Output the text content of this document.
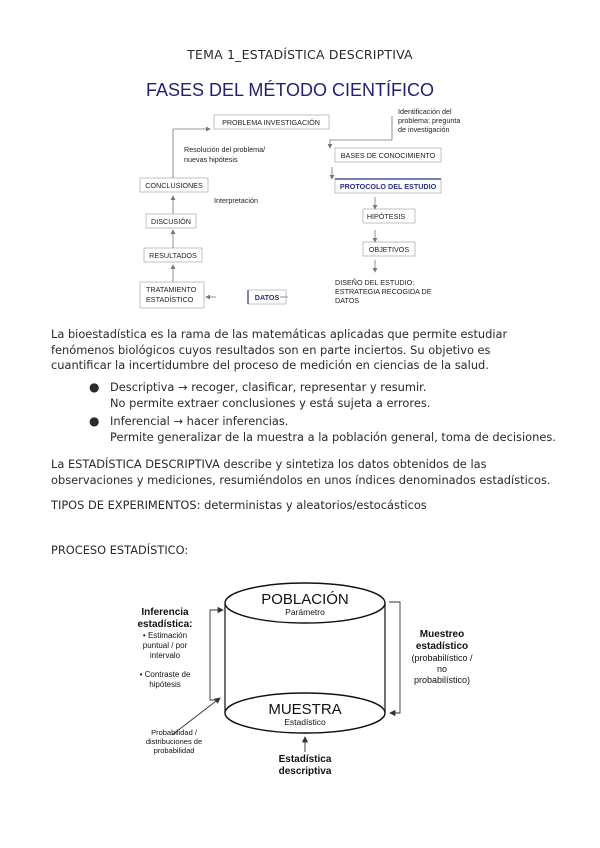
TEMA 1_ESTADÍSTICA DESCRIPTIVA
FASES DEL MÉTODO CIENTÍFICO
PROBLEMA INVESTIGACIÓN
Identificación del
problema: pregunta
de investigación
Resolución del problema/
nuevas hipótesis	BASES DE CONOCIMIENTO
PROTOCOLO DEL ESTUDIO
CONCLUSIONES
Interpretación
HIPÓTESIS
DISCUSIÓN
OBJETIVOS
RESULTADOS
DISEÑO DEL ESTUDIO:
ESTRATEGIA RECOGIDA DE
DATOS
TRATAMIENTO
ESTADÍSTICO	DATOS
La bioestadística es la rama de las matemáticas aplicadas que permite estudiar
fenómenos biológicos cuyos resultados son en parte inciertos. Su objetivo es
cuantificar la incertidumbre del proceso de medición en ciencias de la salud.
● Descriptiva → recoger, clasificar, representar y resumir.
No permite extraer conclusiones y está sujeta a errores.
● Inferencial → hacer inferencias.
Permite generalizar de la muestra a la población general, toma de decisiones.
La ESTADÍSTICA DESCRIPTIVA describe y sintetiza los datos obtenidos de las
observaciones y mediciones, resumiéndolos en unos índices denominados estadísticos.
TIPOS DE EXPERIMENTOS: deterministas y aleatorios/estocásticos
PROCESO ESTADÍSTICO:
POBLACIÓN
Parámetro
MUESTRA
Estadístico
Inferencia
estadística:
• Estimación
puntual / por
intervalo
• Contraste de
hipótesis
Muestreo
estadístico
(probabilístico /
no
probabilístico)
Probabilidad /
distribuciones de
probabilidad
Estadística
descriptiva
